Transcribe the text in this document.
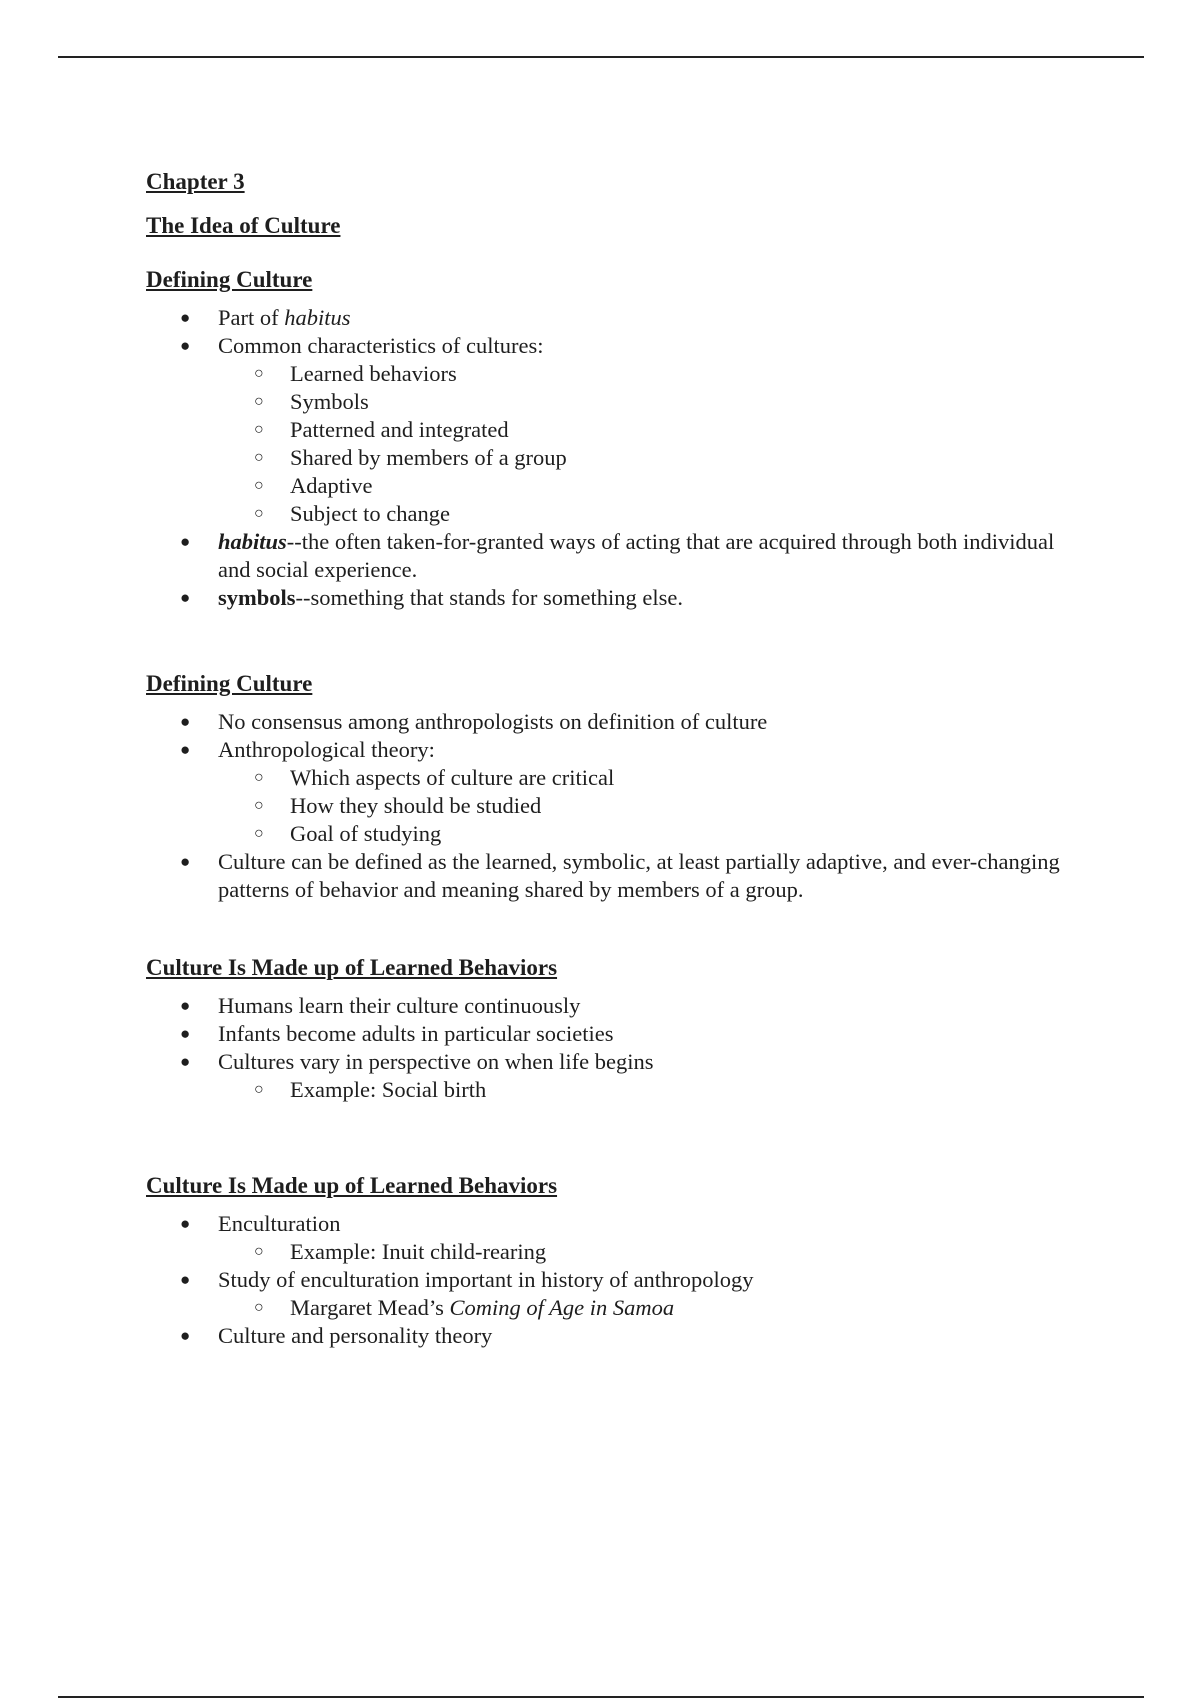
Chapter 3

The Idea of Culture

Defining Culture

● Part of habitus
● Common characteristics of cultures:
○ Learned behaviors
○ Symbols
○ Patterned and integrated
○ Shared by members of a group
○ Adaptive
○ Subject to change
● habitus--the often taken-for-granted ways of acting that are acquired through both individual and social experience.
● symbols--something that stands for something else.

Defining Culture

● No consensus among anthropologists on definition of culture
● Anthropological theory:
○ Which aspects of culture are critical
○ How they should be studied
○ Goal of studying
● Culture can be defined as the learned, symbolic, at least partially adaptive, and ever-changing patterns of behavior and meaning shared by members of a group.

Culture Is Made up of Learned Behaviors

● Humans learn their culture continuously
● Infants become adults in particular societies
● Cultures vary in perspective on when life begins
○ Example: Social birth

Culture Is Made up of Learned Behaviors

● Enculturation
○ Example: Inuit child-rearing
● Study of enculturation important in history of anthropology
○ Margaret Mead’s Coming of Age in Samoa
● Culture and personality theory
